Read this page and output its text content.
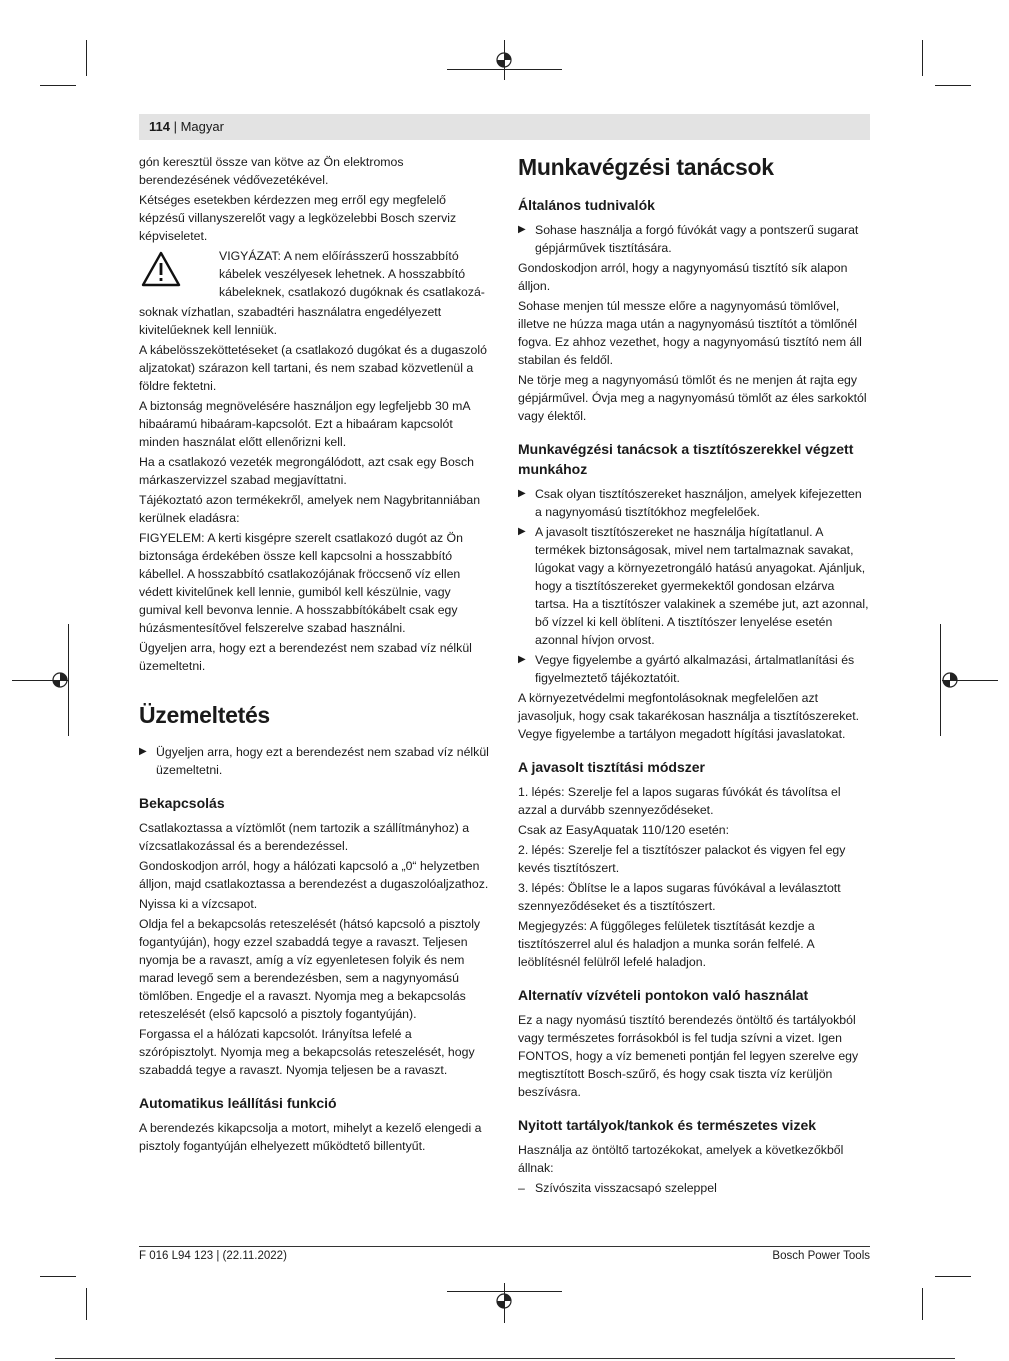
114 | Magyar

gón keresztül össze van kötve az Ön elektromos berendezésének védővezetékével.

Kétséges esetekben kérdezzen meg erről egy megfelelő képzésű villanyszerelőt vagy a legközelebbi Bosch szerviz képviseletet.

VIGYÁZAT: A nem előírásszerű hosszabbító kábelek veszélyesek lehetnek. A hosszabbító kábeleknek, csatlakozó dugóknak és csatlakozá-

soknak vízhatlan, szabadtéri használatra engedélyezett kivitelűeknek kell lenniük.

A kábelösszeköttetéseket (a csatlakozó dugókat és a dugaszoló aljzatokat) szárazon kell tartani, és nem szabad közvetlenül a földre fektetni.

A biztonság megnövelésére használjon egy legfeljebb 30 mA hibaáramú hibaáram-kapcsolót. Ezt a hibaáram kapcsolót minden használat előtt ellenőrizni kell.

Ha a csatlakozó vezeték megrongálódott, azt csak egy Bosch márkaszervizzel szabad megjavíttatni.

Tájékoztató azon termékekről, amelyek nem Nagybritanniában kerülnek eladásra:

FIGYELEM: A kerti kisgépre szerelt csatlakozó dugót az Ön biztonsága érdekében össze kell kapcsolni a hosszabbító kábellel. A hosszabbító csatlakozójának fröccsenő víz ellen védett kivitelűnek kell lennie, gumiból kell készülnie, vagy gumival kell bevonva lennie. A hosszabbítókábelt csak egy húzásmentesítővel felszerelve szabad használni.

Ügyeljen arra, hogy ezt a berendezést nem szabad víz nélkül üzemeltetni.

Üzemeltetés

▶ Ügyeljen arra, hogy ezt a berendezést nem szabad víz nélkül üzemeltetni.

Bekapcsolás

Csatlakoztassa a víztömlőt (nem tartozik a szállítmányhoz) a vízcsatlakozással és a berendezéssel.

Gondoskodjon arról, hogy a hálózati kapcsoló a „0“ helyzetben álljon, majd csatlakoztassa a berendezést a dugaszolóaljzathoz.

Nyissa ki a vízcsapot.

Oldja fel a bekapcsolás reteszelését (hátsó kapcsoló a pisztoly fogantyúján), hogy ezzel szabaddá tegye a ravaszt. Teljesen nyomja be a ravaszt, amíg a víz egyenletesen folyik és nem marad levegő sem a berendezésben, sem a nagynyomású tömlőben. Engedje el a ravaszt. Nyomja meg a bekapcsolás reteszelését (első kapcsoló a pisztoly fogantyúján).

Forgassa el a hálózati kapcsolót. Irányítsa lefelé a szórópisztolyt. Nyomja meg a bekapcsolás reteszelését, hogy szabaddá tegye a ravaszt. Nyomja teljesen be a ravaszt.

Automatikus leállítási funkció

A berendezés kikapcsolja a motort, mihelyt a kezelő elengedi a pisztoly fogantyúján elhelyezett működtető billentyűt.

Munkavégzési tanácsok
Általános tudnivalók

▶ Sohase használja a forgó fúvókát vagy a pontszerű sugarat gépjárművek tisztítására.

Gondoskodjon arról, hogy a nagynyomású tisztító sík alapon álljon.

Sohase menjen túl messze előre a nagynyomású tömlővel, illetve ne húzza maga után a nagynyomású tisztítót a tömlőnél fogva. Ez ahhoz vezethet, hogy a nagynyomású tisztító nem áll stabilan és feldől.

Ne törje meg a nagynyomású tömlőt és ne menjen át rajta egy gépjárművel. Óvja meg a nagynyomású tömlőt az éles sarkoktól vagy élektől.

Munkavégzési tanácsok a tisztítószerekkel végzett munkához

▶ Csak olyan tisztítószereket használjon, amelyek kifejezetten a nagynyomású tisztítókhoz megfelelőek.

▶ A javasolt tisztítószereket ne használja hígítatlanul. A termékek biztonságosak, mivel nem tartalmaznak savakat, lúgokat vagy a környezetrongáló hatású anyagokat. Ajánljuk, hogy a tisztítószereket gyermekektől gondosan elzárva tartsa. Ha a tisztítószer valakinek a szemébe jut, azt azonnal, bő vízzel ki kell öblíteni. A tisztítószer lenyelése esetén azonnal hívjon orvost.

▶ Vegye figyelembe a gyártó alkalmazási, ártalmatlanítási és figyelmeztető tájékoztatóit.

A környezetvédelmi megfontolásoknak megfelelően azt javasoljuk, hogy csak takarékosan használja a tisztítószereket. Vegye figyelembe a tartályon megadott hígítási javaslatokat.

A javasolt tisztítási módszer

1. lépés: Szerelje fel a lapos sugaras fúvókát és távolítsa el azzal a durvább szennyeződéseket.

Csak az EasyAquatak 110/120 esetén:

2. lépés: Szerelje fel a tisztítószer palackot és vigyen fel egy kevés tisztítószert.

3. lépés: Öblítse le a lapos sugaras fúvókával a leválasztott szennyeződéseket és a tisztítószert.

Megjegyzés: A függőleges felületek tisztítását kezdje a tisztítószerrel alul és haladjon a munka során felfelé. A leöblítésnél felülről lefelé haladjon.

Alternatív vízvételi pontokon való használat

Ez a nagy nyomású tisztító berendezés öntöltő és tartályokból vagy természetes forrásokból is fel tudja szívni a vizet. Igen FONTOS, hogy a víz bemeneti pontján fel legyen szerelve egy megtisztított Bosch-szűrő, és hogy csak tiszta víz kerüljön beszívásra.

Nyitott tartályok/tankok és természetes vizek

Használja az öntöltő tartozékokat, amelyek a következőkből állnak:

– Szívószita visszacsapó szeleppel

F 016 L94 123 | (22.11.2022)	Bosch Power Tools
